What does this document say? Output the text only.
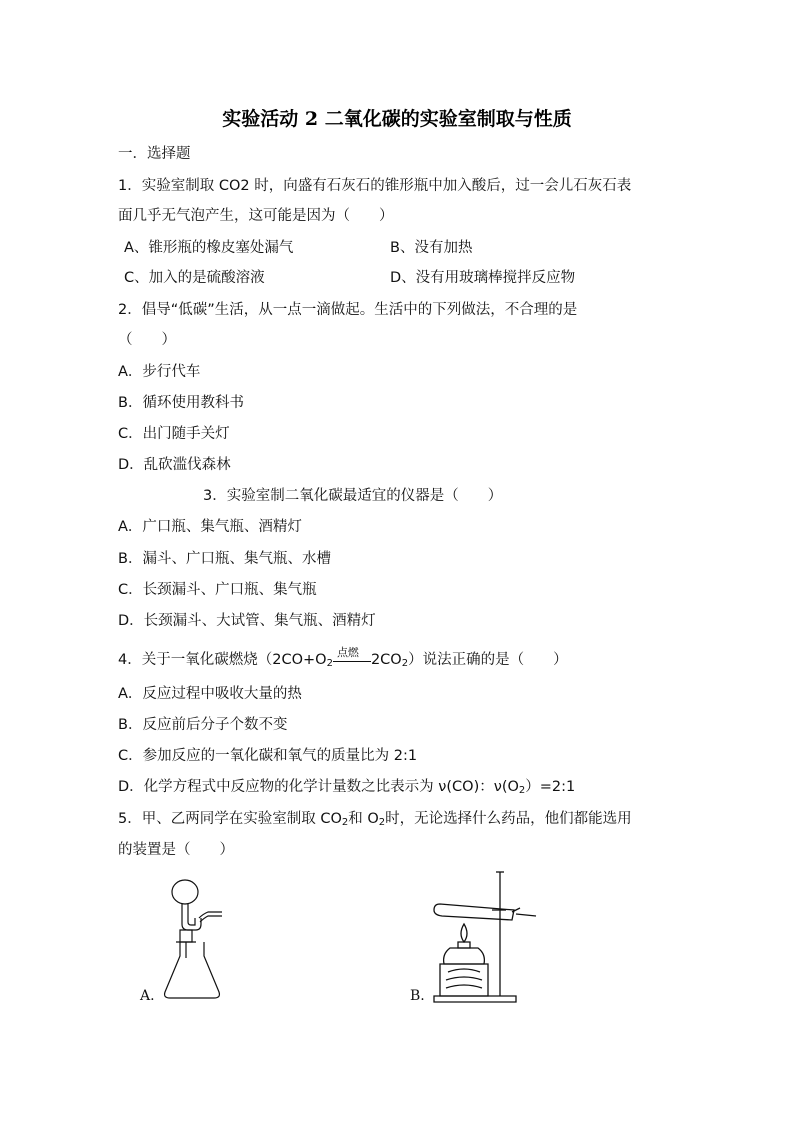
实验活动 2 二氧化碳的实验室制取与性质
一．选择题
1．实验室制取 CO2 时，向盛有石灰石的锥形瓶中加入酸后，过一会儿石灰石表
面几乎无气泡产生，这可能是因为（　　）
A、锥形瓶的橡皮塞处漏气	B、没有加热
C、加入的是硫酸溶液	D、没有用玻璃棒搅拌反应物
2．倡导“低碳”生活，从一点一滴做起。生活中的下列做法，不合理的是
（　　）
A．步行代车
B．循环使用教科书
C．出门随手关灯
D．乱砍滥伐森林
3．实验室制二氧化碳最适宜的仪器是（　　）
A．广口瓶、集气瓶、酒精灯
B．漏斗、广口瓶、集气瓶、水槽
C．长颈漏斗、广口瓶、集气瓶
D．长颈漏斗、大试管、集气瓶、酒精灯
4．关于一氧化碳燃烧（$2CO+O_2$
点燃 $2CO_2$）说法正确的是（　　）
A．反应过程中吸收大量的热
B．反应前后分子个数不变
C．参加反应的一氧化碳和氧气的质量比为 2:1
D．化学方程式中反应物的化学计量数之比表示为 ν(CO)：$\nu(O_2)=2:1$
5．甲、乙两同学在实验室制取 $CO_2$和 $O_2$时，无论选择什么药品，他们都能选用
的装置是（　　）
A.	B.
